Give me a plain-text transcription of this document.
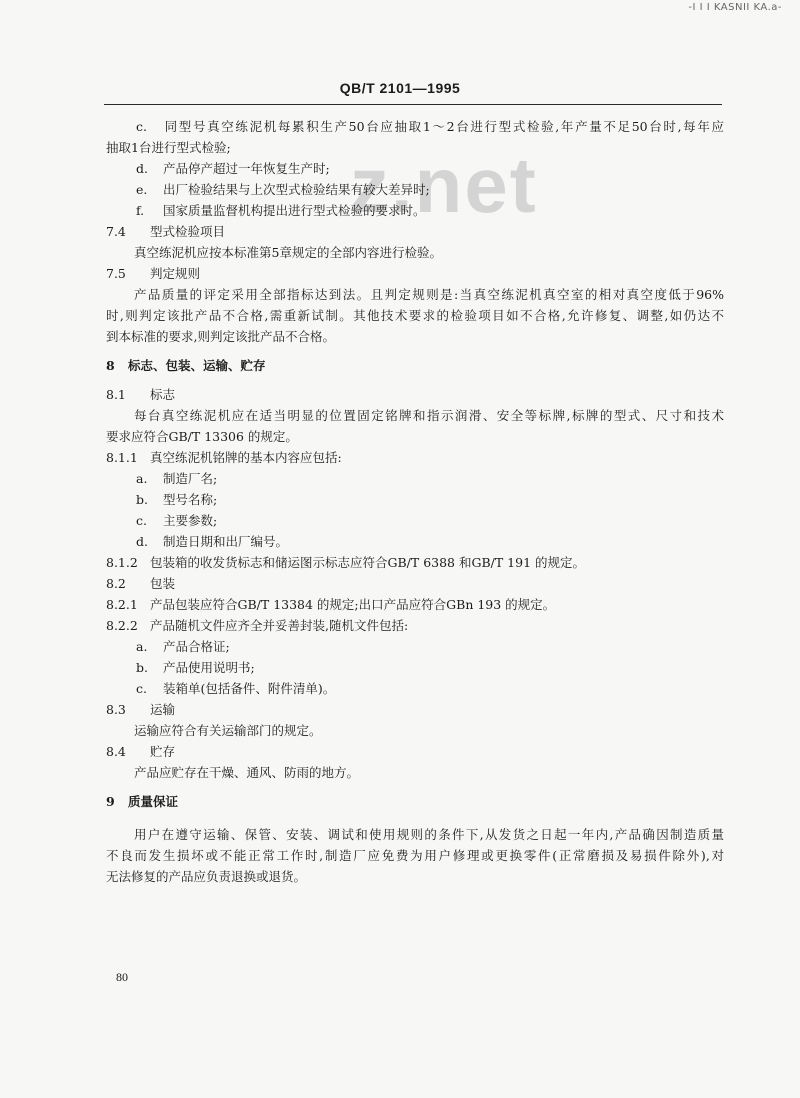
-I I I KASNII KA.a-
z.net
QB/T 2101—1995
c. 同型号真空练泥机每累积生产50台应抽取1～2台进行型式检验,年产量不足50台时,每年应
抽取1台进行型式检验;
d. 产品停产超过一年恢复生产时;
e. 出厂检验结果与上次型式检验结果有较大差异时;
f. 国家质量监督机构提出进行型式检验的要求时。
7.4 型式检验项目
真空练泥机应按本标准第5章规定的全部内容进行检验。
7.5 判定规则
产品质量的评定采用全部指标达到法。且判定规则是:当真空练泥机真空室的相对真空度低于96%
时,则判定该批产品不合格,需重新试制。其他技术要求的检验项目如不合格,允许修复、调整,如仍达不
到本标准的要求,则判定该批产品不合格。
8 标志、包装、运输、贮存
8.1 标志
每台真空练泥机应在适当明显的位置固定铭牌和指示润滑、安全等标牌,标牌的型式、尺寸和技术
要求应符合GB/T 13306 的规定。
8.1.1 真空练泥机铭牌的基本内容应包括:
a. 制造厂名;
b. 型号名称;
c. 主要参数;
d. 制造日期和出厂编号。
8.1.2 包装箱的收发货标志和储运图示标志应符合GB/T 6388 和GB/T 191 的规定。
8.2 包装
8.2.1 产品包装应符合GB/T 13384 的规定;出口产品应符合GBn 193 的规定。
8.2.2 产品随机文件应齐全并妥善封装,随机文件包括:
a. 产品合格证;
b. 产品使用说明书;
c. 装箱单(包括备件、附件清单)。
8.3 运输
运输应符合有关运输部门的规定。
8.4 贮存
产品应贮存在干燥、通风、防雨的地方。
9 质量保证
用户在遵守运输、保管、安装、调试和使用规则的条件下,从发货之日起一年内,产品确因制造质量
不良而发生损坏或不能正常工作时,制造厂应免费为用户修理或更换零件(正常磨损及易损件除外),对
无法修复的产品应负责退换或退货。
80
